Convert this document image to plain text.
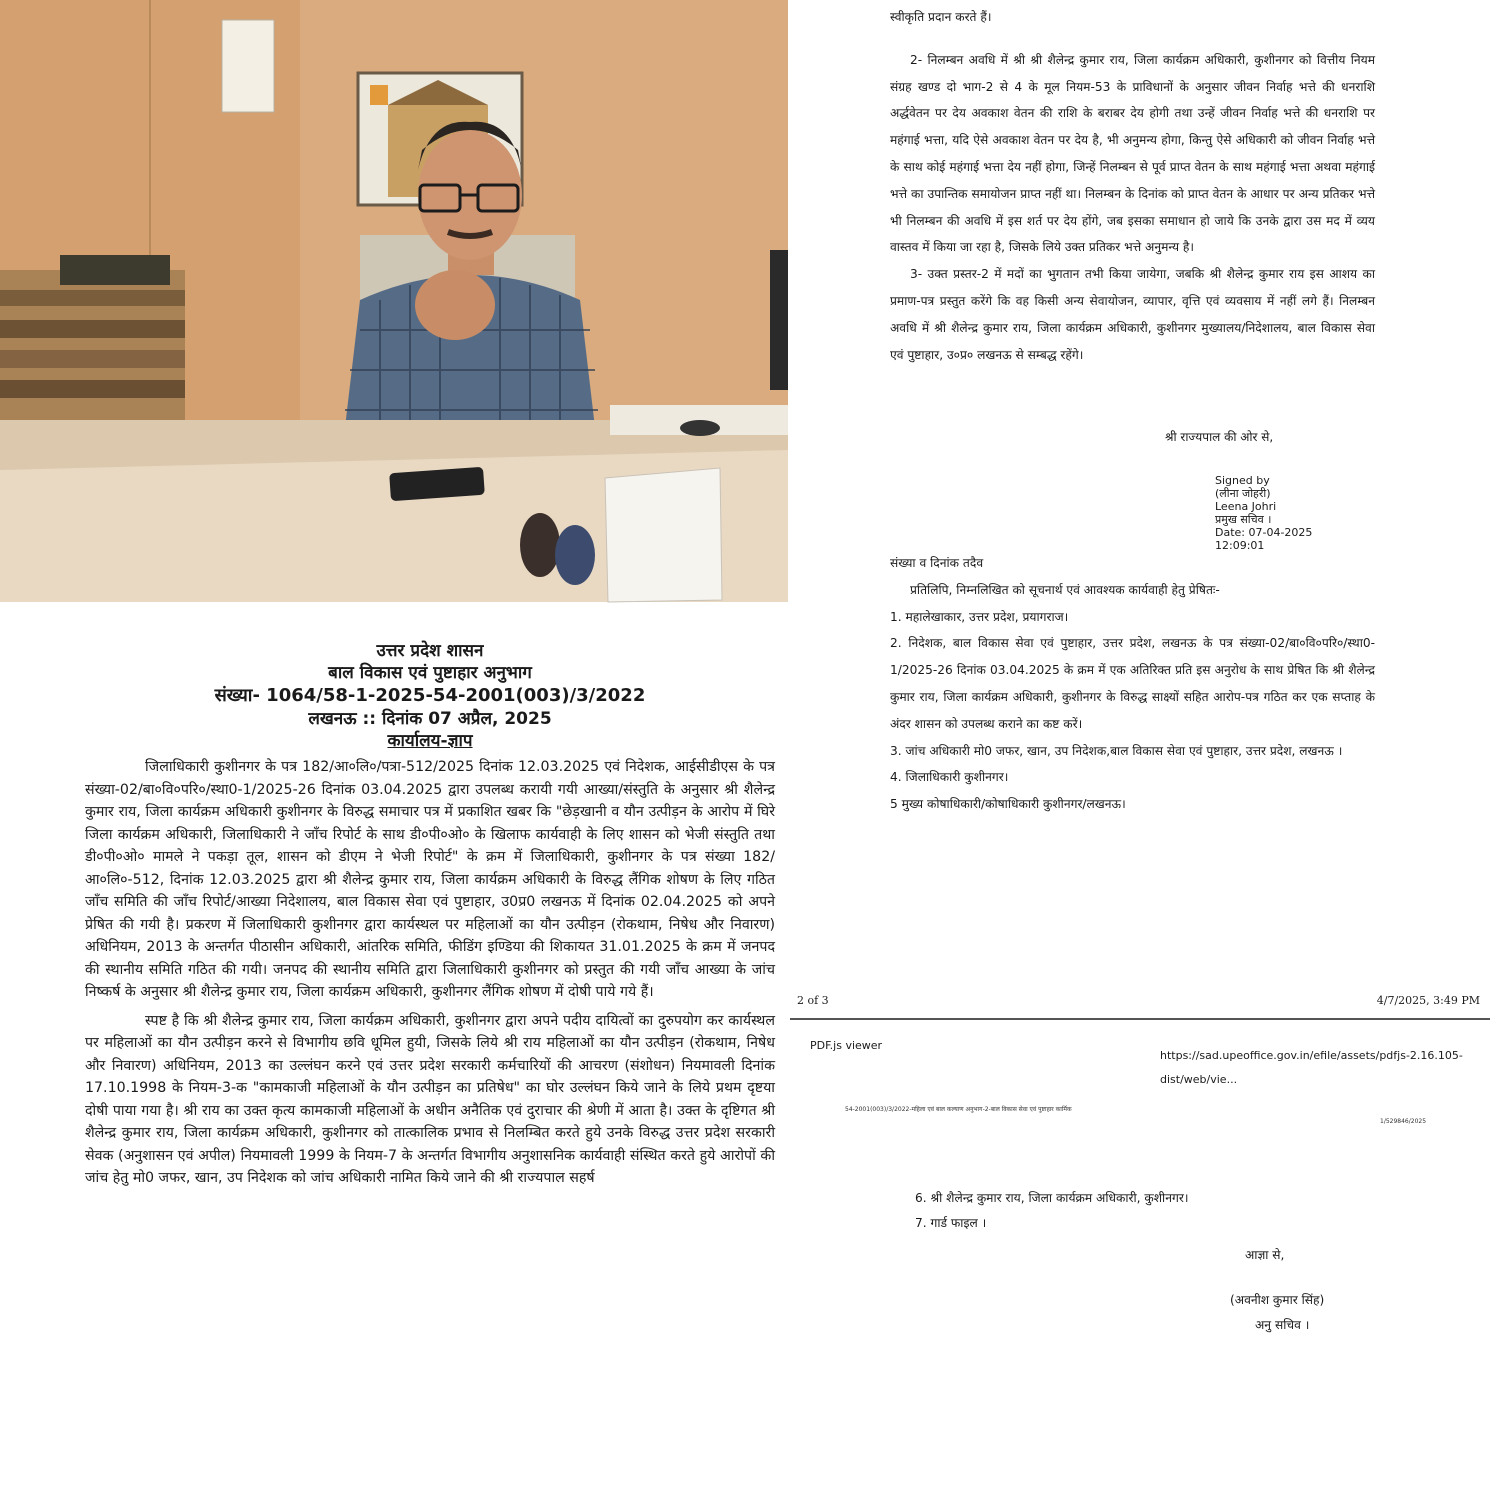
उत्तर प्रदेश शासन
बाल विकास एवं पुष्टाहार अनुभाग
संख्या- 1064/58-1-2025-54-2001(003)/3/2022
लखनऊ :: दिनांक 07 अप्रैल, 2025
कार्यालय-ज्ञाप

जिलाधिकारी कुशीनगर के पत्र 182/आ०लि०/पत्रा-512/2025 दिनांक 12.03.2025 एवं निदेशक, आईसीडीएस के पत्र संख्या-02/बा०वि०परि०/स्था0-1/2025-26 दिनांक 03.04.2025 द्वारा उपलब्ध करायी गयी आख्या/संस्तुति के अनुसार श्री शैलेन्द्र कुमार राय, जिला कार्यक्रम अधिकारी कुशीनगर के विरुद्ध समाचार पत्र में प्रकाशित खबर कि "छेड़खानी व यौन उत्पीड़न के आरोप में घिरे जिला कार्यक्रम अधिकारी, जिलाधिकारी ने जाँच रिपोर्ट के साथ डी०पी०ओ० के खिलाफ कार्यवाही के लिए शासन को भेजी संस्तुति तथा डी०पी०ओ० मामले ने पकड़ा तूल, शासन को डीएम ने भेजी रिपोर्ट" के क्रम में जिलाधिकारी, कुशीनगर के पत्र संख्या 182/आ०लि०-512, दिनांक 12.03.2025 द्वारा श्री शैलेन्द्र कुमार राय, जिला कार्यक्रम अधिकारी के विरुद्ध लैंगिक शोषण के लिए गठित जाँच समिति की जाँच रिपोर्ट/आख्या निदेशालय, बाल विकास सेवा एवं पुष्टाहार, उ0प्र0 लखनऊ में दिनांक 02.04.2025 को अपने प्रेषित की गयी है। प्रकरण में जिलाधिकारी कुशीनगर द्वारा कार्यस्थल पर महिलाओं का यौन उत्पीड़न (रोकथाम, निषेध और निवारण) अधिनियम, 2013 के अन्तर्गत पीठासीन अधिकारी, आंतरिक समिति, फीडिंग इण्डिया की शिकायत 31.01.2025 के क्रम में जनपद की स्थानीय समिति गठित की गयी। जनपद की स्थानीय समिति द्वारा जिलाधिकारी कुशीनगर को प्रस्तुत की गयी जाँच आख्या के जांच निष्कर्ष के अनुसार श्री शैलेन्द्र कुमार राय, जिला कार्यक्रम अधिकारी, कुशीनगर लैंगिक शोषण में दोषी पाये गये हैं।

स्पष्ट है कि श्री शैलेन्द्र कुमार राय, जिला कार्यक्रम अधिकारी, कुशीनगर द्वारा अपने पदीय दायित्वों का दुरुपयोग कर कार्यस्थल पर महिलाओं का यौन उत्पीड़न करने से विभागीय छवि धूमिल हुयी, जिसके लिये श्री राय महिलाओं का यौन उत्पीड़न (रोकथाम, निषेध और निवारण) अधिनियम, 2013 का उल्लंघन करने एवं उत्तर प्रदेश सरकारी कर्मचारियों की आचरण (संशोधन) नियमावली दिनांक 17.10.1998 के नियम-3-क "कामकाजी महिलाओं के यौन उत्पीड़न का प्रतिषेध" का घोर उल्लंघन किये जाने के लिये प्रथम दृष्टया दोषी पाया गया है। श्री राय का उक्त कृत्य कामकाजी महिलाओं के अधीन अनैतिक एवं दुराचार की श्रेणी में आता है। उक्त के दृष्टिगत श्री शैलेन्द्र कुमार राय, जिला कार्यक्रम अधिकारी, कुशीनगर को तात्कालिक प्रभाव से निलम्बित करते हुये उनके विरुद्ध उत्तर प्रदेश सरकारी सेवक (अनुशासन एवं अपील) नियमावली 1999 के नियम-7 के अन्तर्गत विभागीय अनुशासनिक कार्यवाही संस्थित करते हुये आरोपों की जांच हेतु मो0 जफर, खान, उप निदेशक को जांच अधिकारी नामित किये जाने की श्री राज्यपाल सहर्ष

स्वीकृति प्रदान करते हैं।

2- निलम्बन अवधि में श्री श्री शैलेन्द्र कुमार राय, जिला कार्यक्रम अधिकारी, कुशीनगर को वित्तीय नियम संग्रह खण्ड दो भाग-2 से 4 के मूल नियम-53 के प्राविधानों के अनुसार जीवन निर्वाह भत्ते की धनराशि अर्द्धवेतन पर देय अवकाश वेतन की राशि के बराबर देय होगी तथा उन्हें जीवन निर्वाह भत्ते की धनराशि पर महंगाई भत्ता, यदि ऐसे अवकाश वेतन पर देय है, भी अनुमन्य होगा, किन्तु ऐसे अधिकारी को जीवन निर्वाह भत्ते के साथ कोई महंगाई भत्ता देय नहीं होगा, जिन्हें निलम्बन से पूर्व प्राप्त वेतन के साथ महंगाई भत्ता अथवा महंगाई भत्ते का उपान्तिक समायोजन प्राप्त नहीं था। निलम्बन के दिनांक को प्राप्त वेतन के आधार पर अन्य प्रतिकर भत्ते भी निलम्बन की अवधि में इस शर्त पर देय होंगे, जब इसका समाधान हो जाये कि उनके द्वारा उस मद में व्यय वास्तव में किया जा रहा है, जिसके लिये उक्त प्रतिकर भत्ते अनुमन्य है।

3- उक्त प्रस्तर-2 में मदों का भुगतान तभी किया जायेगा, जबकि श्री शैलेन्द्र कुमार राय इस आशय का प्रमाण-पत्र प्रस्तुत करेंगे कि वह किसी अन्य सेवायोजन, व्यापार, वृत्ति एवं व्यवसाय में नहीं लगे हैं। निलम्बन अवधि में श्री शैलेन्द्र कुमार राय, जिला कार्यक्रम अधिकारी, कुशीनगर मुख्यालय/निदेशालय, बाल विकास सेवा एवं पुष्टाहार, उ०प्र० लखनऊ से सम्बद्ध रहेंगे।

श्री राज्यपाल की ओर से,
Signed by
(लीना जोहरी)
Leena Johri
प्रमुख सचिव ।
Date: 07-04-2025 12:09:01

संख्या व दिनांक तदैव

प्रतिलिपि, निम्नलिखित को सूचनार्थ एवं आवश्यक कार्यवाही हेतु प्रेषितः-

1. महालेखाकार, उत्तर प्रदेश, प्रयागराज।

2. निदेशक, बाल विकास सेवा एवं पुष्टाहार, उत्तर प्रदेश, लखनऊ के पत्र संख्या-02/बा०वि०परि०/स्था0-1/2025-26 दिनांक 03.04.2025 के क्रम में एक अतिरिक्त प्रति इस अनुरोध के साथ प्रेषित कि श्री शैलेन्द्र कुमार राय, जिला कार्यक्रम अधिकारी, कुशीनगर के विरुद्ध साक्ष्यों सहित आरोप-पत्र गठित कर एक सप्ताह के अंदर शासन को उपलब्ध कराने का कष्ट करें।

3. जांच अधिकारी मो0 जफर, खान, उप निदेशक,बाल विकास सेवा एवं पुष्टाहार, उत्तर प्रदेश, लखनऊ ।

4. जिलाधिकारी कुशीनगर।

5 मुख्य कोषाधिकारी/कोषाधिकारी कुशीनगर/लखनऊ।

2 of 3	4/7/2025, 3:49 PM
PDF.js viewer
https://sad.upeoffice.gov.in/efile/assets/pdfjs-2.16.105-dist/web/vie...
54-2001(003)/3/2022-महिला एवं बाल कल्याण अनुभाग-2-बाल विकास सेवा एवं पुष्टाहार कार्मिक
1/529846/2025
6. श्री शैलेन्द्र कुमार राय, जिला कार्यक्रम अधिकारी, कुशीनगर।
7. गार्ड फाइल ।
आज्ञा से,
(अवनीश कुमार सिंह)
अनु सचिव ।
